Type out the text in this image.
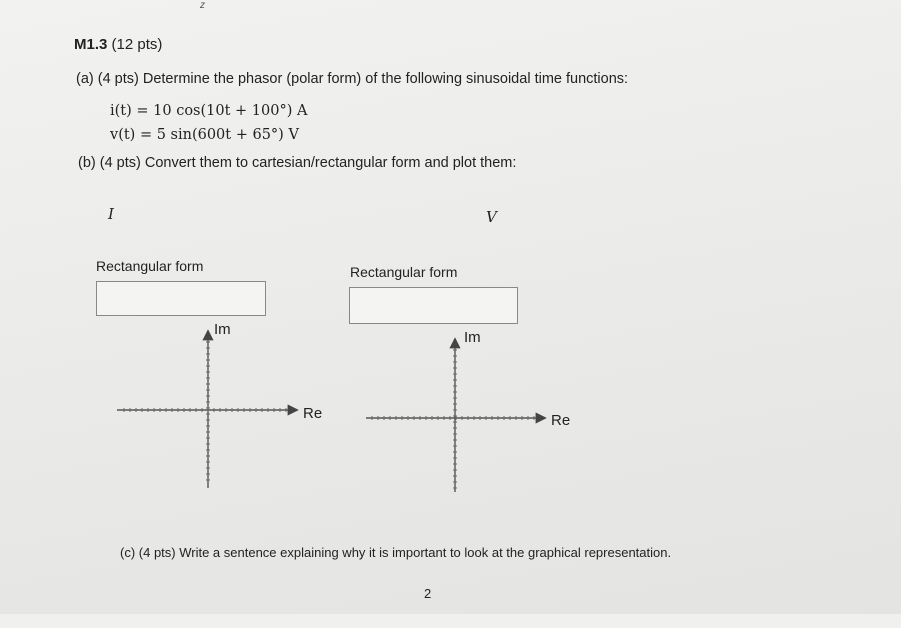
z
M1.3 (12 pts)
(a) (4 pts) Determine the phasor (polar form) of the following sinusoidal time functions:
i(t) = 10 cos(10t + 100°) A
v(t) = 5 sin(600t + 65°) V
(b) (4 pts) Convert them to cartesian/rectangular form and plot them:
I	V
Rectangular form	Rectangular form
Im
Re
Im
Re
(c) (4 pts) Write a sentence explaining why it is important to look at the graphical representation.
2
